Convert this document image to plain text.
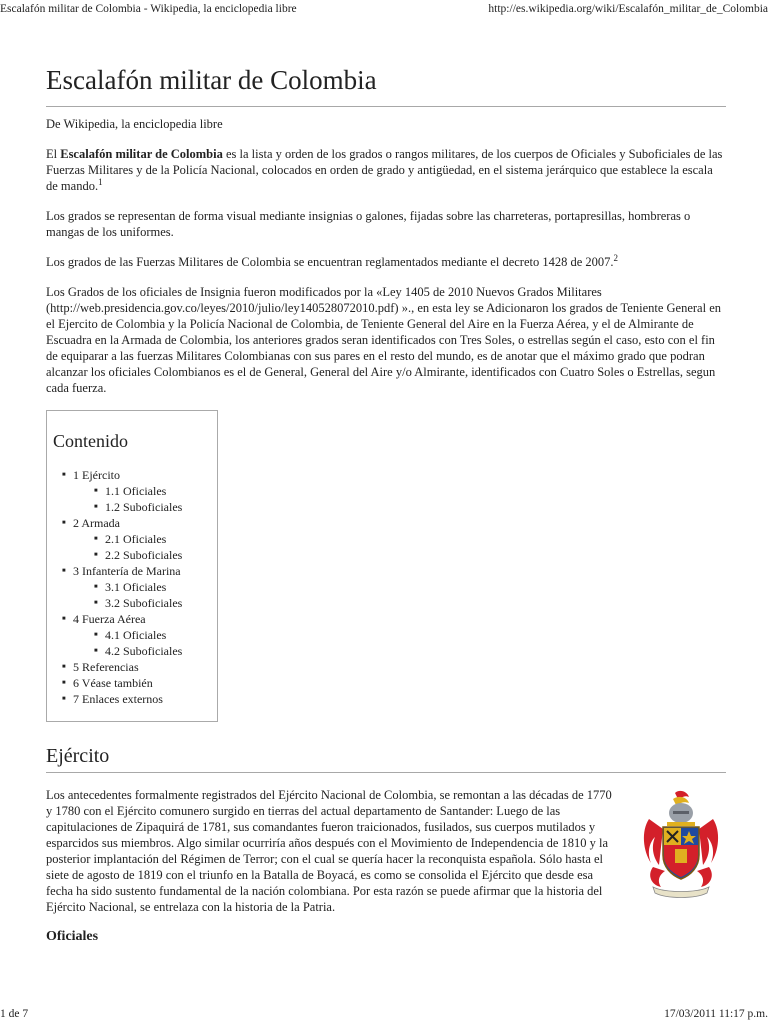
Escalafón militar de Colombia - Wikipedia, la enciclopedia libre	http://es.wikipedia.org/wiki/Escalafón_militar_de_Colombia
Escalafón militar de Colombia
De Wikipedia, la enciclopedia libre

El Escalafón militar de Colombia es la lista y orden de los grados o rangos militares, de los cuerpos de Oficiales y Suboficiales de las Fuerzas Militares y de la Policía Nacional, colocados en orden de grado y antigüedad, en el sistema jerárquico que establece la escala de mando.$^1$

Los grados se representan de forma visual mediante insignias o galones, fijadas sobre las charreteras, portapresillas, hombreras o mangas de los uniformes.

Los grados de las Fuerzas Militares de Colombia se encuentran reglamentados mediante el decreto 1428 de 2007.$^2$

Los Grados de los oficiales de Insignia fueron modificados por la «Ley 1405 de 2010 Nuevos Grados Militares (http://web.presidencia.gov.co/leyes/2010/julio/ley140528072010.pdf) »., en esta ley se Adicionaron los grados de Teniente General en el Ejercito de Colombia y la Policía Nacional de Colombia, de Teniente General del Aire en la Fuerza Aérea, y el de Almirante de Escuadra en la Armada de Colombia, los anteriores grados seran identificados con Tres Soles, o estrellas según el caso, esto con el fin de equiparar a las fuerzas Militares Colombianas con sus pares en el resto del mundo, es de anotar que el máximo grado que podran alcanzar los oficiales Colombianos es el de General, General del Aire y/o Almirante, identificados con Cuatro Soles o Estrellas, segun cada fuerza.

Contenido
■ 1 Ejército
■ 1.1 Oficiales
■ 1.2 Suboficiales
■ 2 Armada
■ 2.1 Oficiales
■ 2.2 Suboficiales
■ 3 Infantería de Marina
■ 3.1 Oficiales
■ 3.2 Suboficiales
■ 4 Fuerza Aérea
■ 4.1 Oficiales
■ 4.2 Suboficiales
■ 5 Referencias
■ 6 Véase también
■ 7 Enlaces externos
Ejército

Los antecedentes formalmente registrados del Ejército Nacional de Colombia, se remontan a las décadas de 1770 y 1780 con el Ejército comunero surgido en tierras del actual departamento de Santander: Luego de las capitulaciones de Zipaquirá de 1781, sus comandantes fueron traicionados, fusilados, sus cuerpos mutilados y esparcidos sus miembros. Algo similar ocurriría años después con el Movimiento de Independencia de 1810 y la posterior implantación del Régimen de Terror; con el cual se quería hacer la reconquista española. Sólo hasta el siete de agosto de 1819 con el triunfo en la Batalla de Boyacá, es como se consolida el Ejército que desde esa fecha ha sido sustento fundamental de la nación colombiana. Por esta razón se puede afirmar que la historia del Ejército Nacional, se entrelaza con la historia de la Patria.

Oficiales
1 de 7	17/03/2011 11:17 p.m.
